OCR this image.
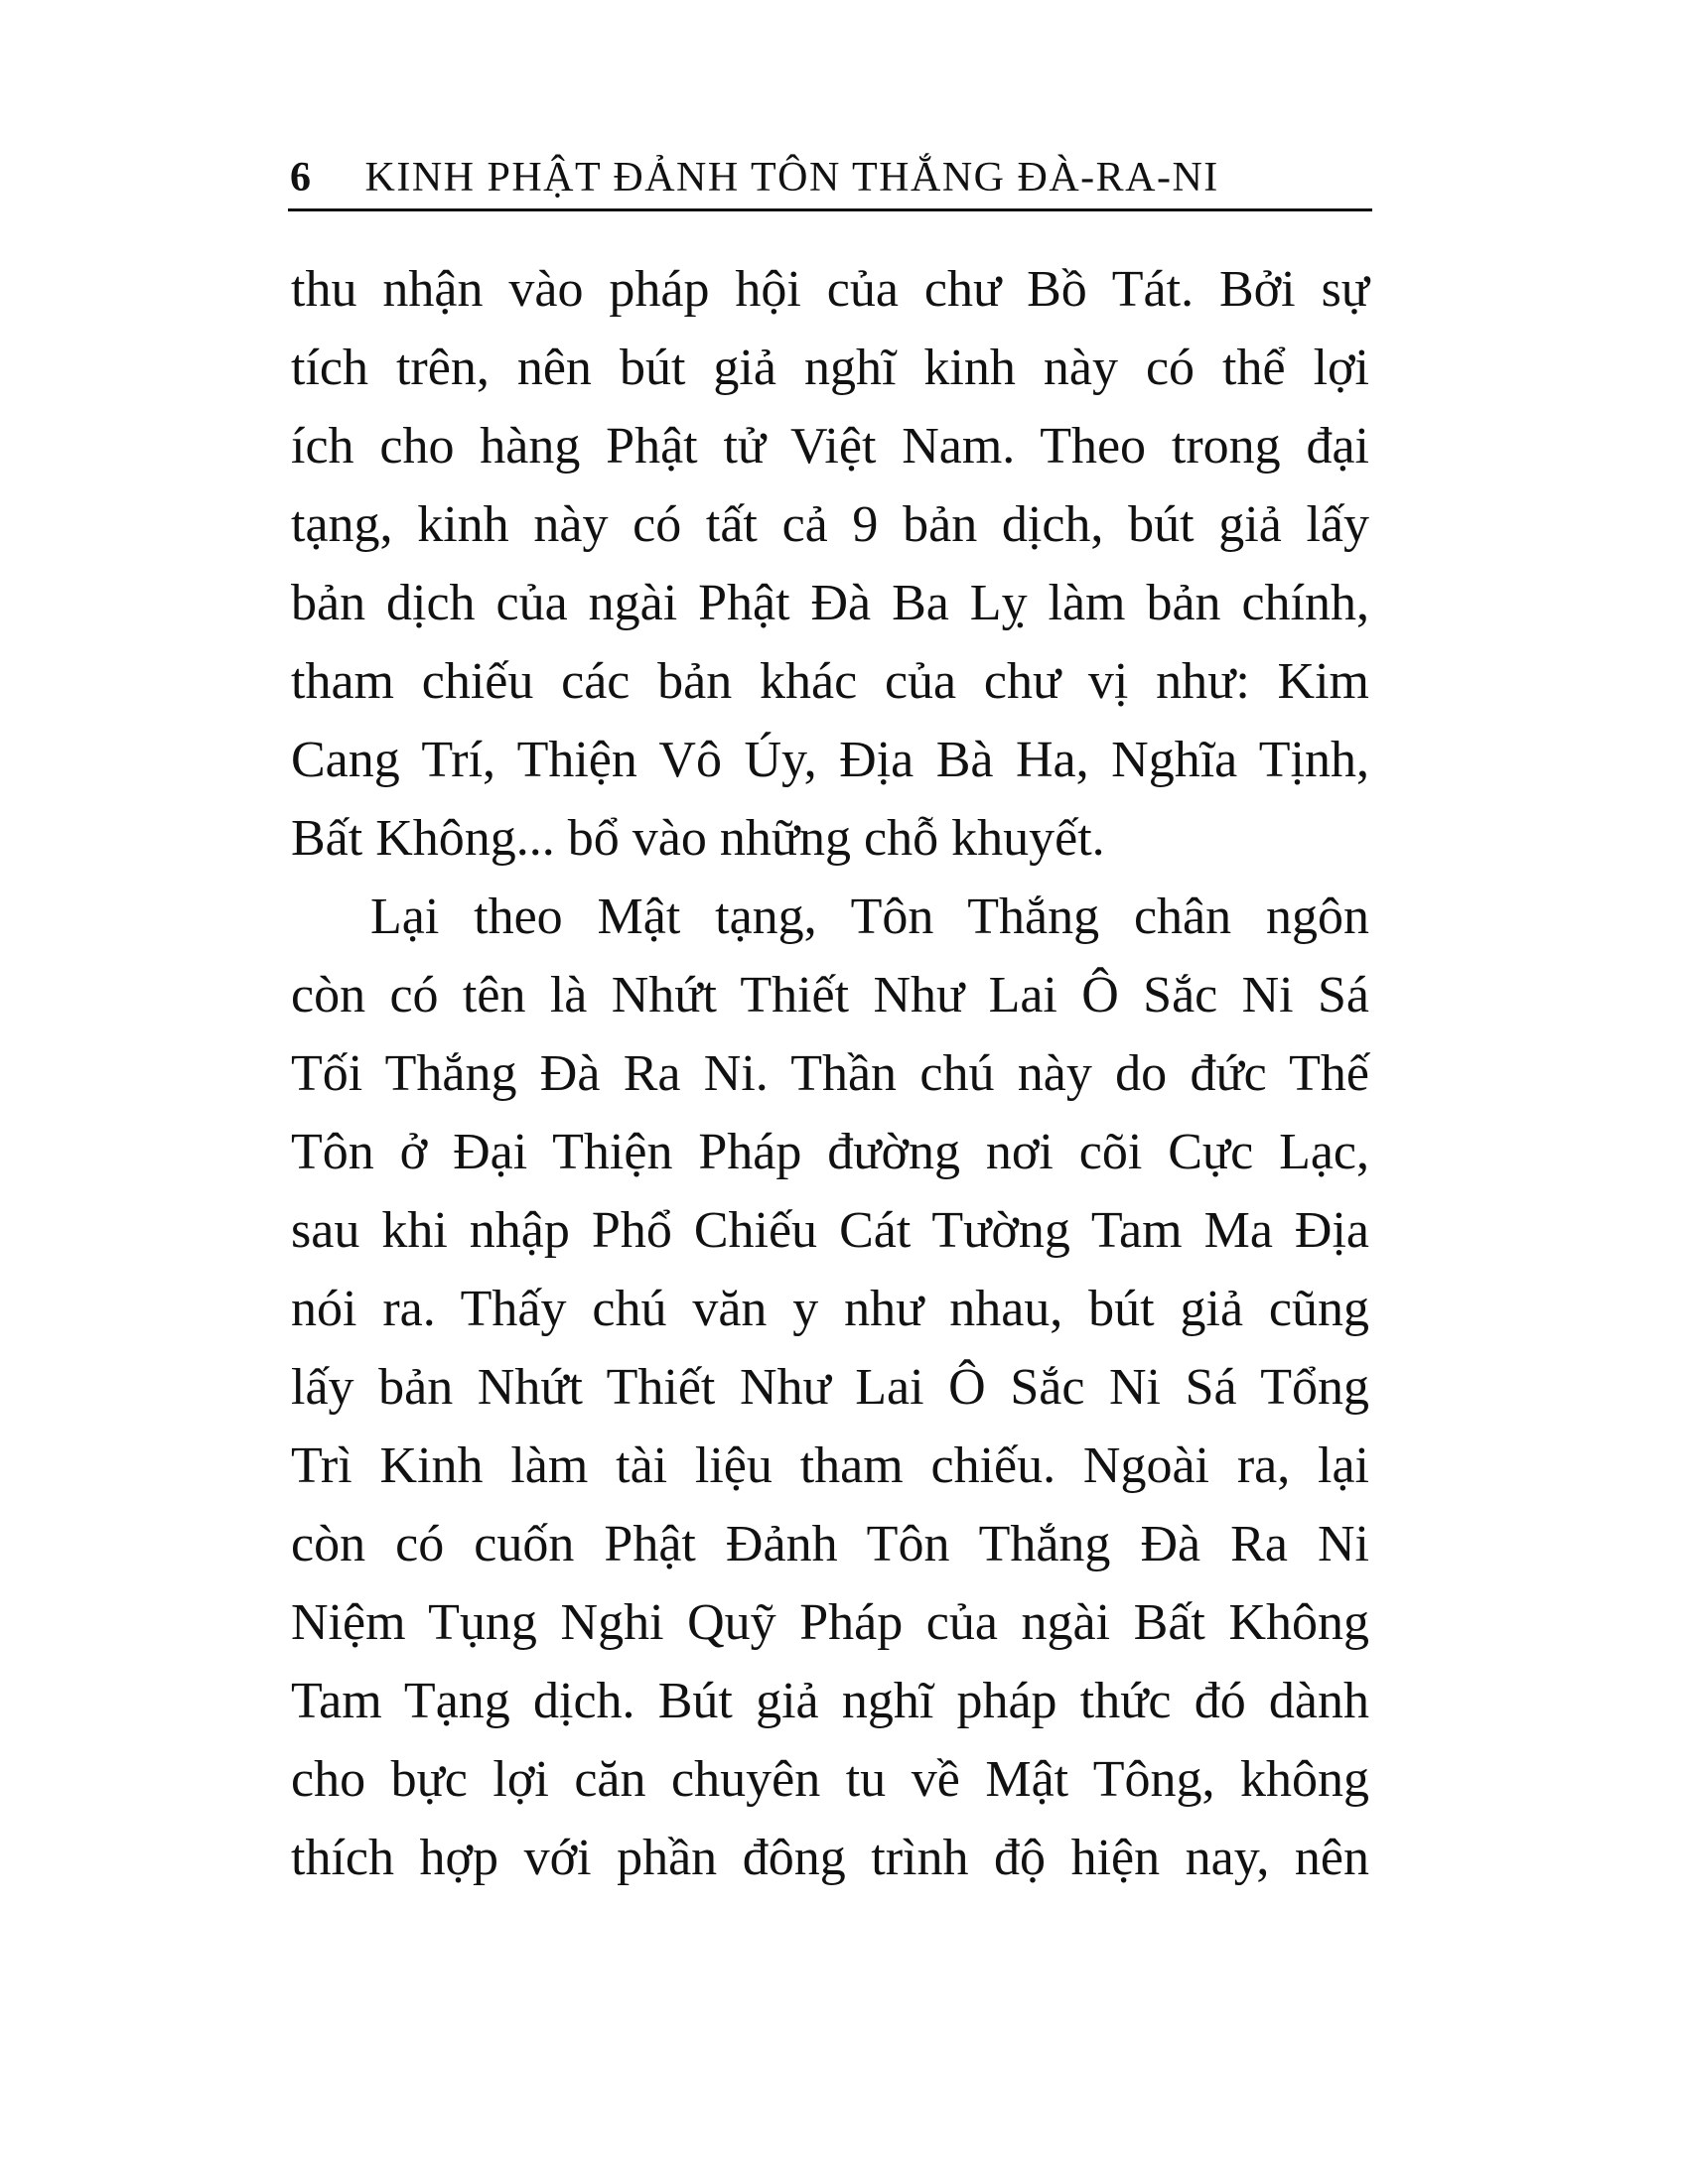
6 KINH PHẬT ĐẢNH TÔN THẮNG ĐÀ-RA-NI
thu nhận vào pháp hội của chư Bồ Tát. Bởi sự
tích trên, nên bút giả nghĩ kinh này có thể lợi
ích cho hàng Phật tử Việt Nam. Theo trong đại
tạng, kinh này có tất cả 9 bản dịch, bút giả lấy
bản dịch của ngài Phật Đà Ba Lỵ làm bản chính,
tham chiếu các bản khác của chư vị như: Kim
Cang Trí, Thiện Vô Úy, Địa Bà Ha, Nghĩa Tịnh,
Bất Không... bổ vào những chỗ khuyết.
Lại theo Mật tạng, Tôn Thắng chân ngôn
còn có tên là Nhứt Thiết Như Lai Ô Sắc Ni Sá
Tối Thắng Đà Ra Ni. Thần chú này do đức Thế
Tôn ở Đại Thiện Pháp đường nơi cõi Cực Lạc,
sau khi nhập Phổ Chiếu Cát Tường Tam Ma Địa
nói ra. Thấy chú văn y như nhau, bút giả cũng
lấy bản Nhứt Thiết Như Lai Ô Sắc Ni Sá Tổng
Trì Kinh làm tài liệu tham chiếu. Ngoài ra, lại
còn có cuốn Phật Đảnh Tôn Thắng Đà Ra Ni
Niệm Tụng Nghi Quỹ Pháp của ngài Bất Không
Tam Tạng dịch. Bút giả nghĩ pháp thức đó dành
cho bực lợi căn chuyên tu về Mật Tông, không
thích hợp với phần đông trình độ hiện nay, nên
